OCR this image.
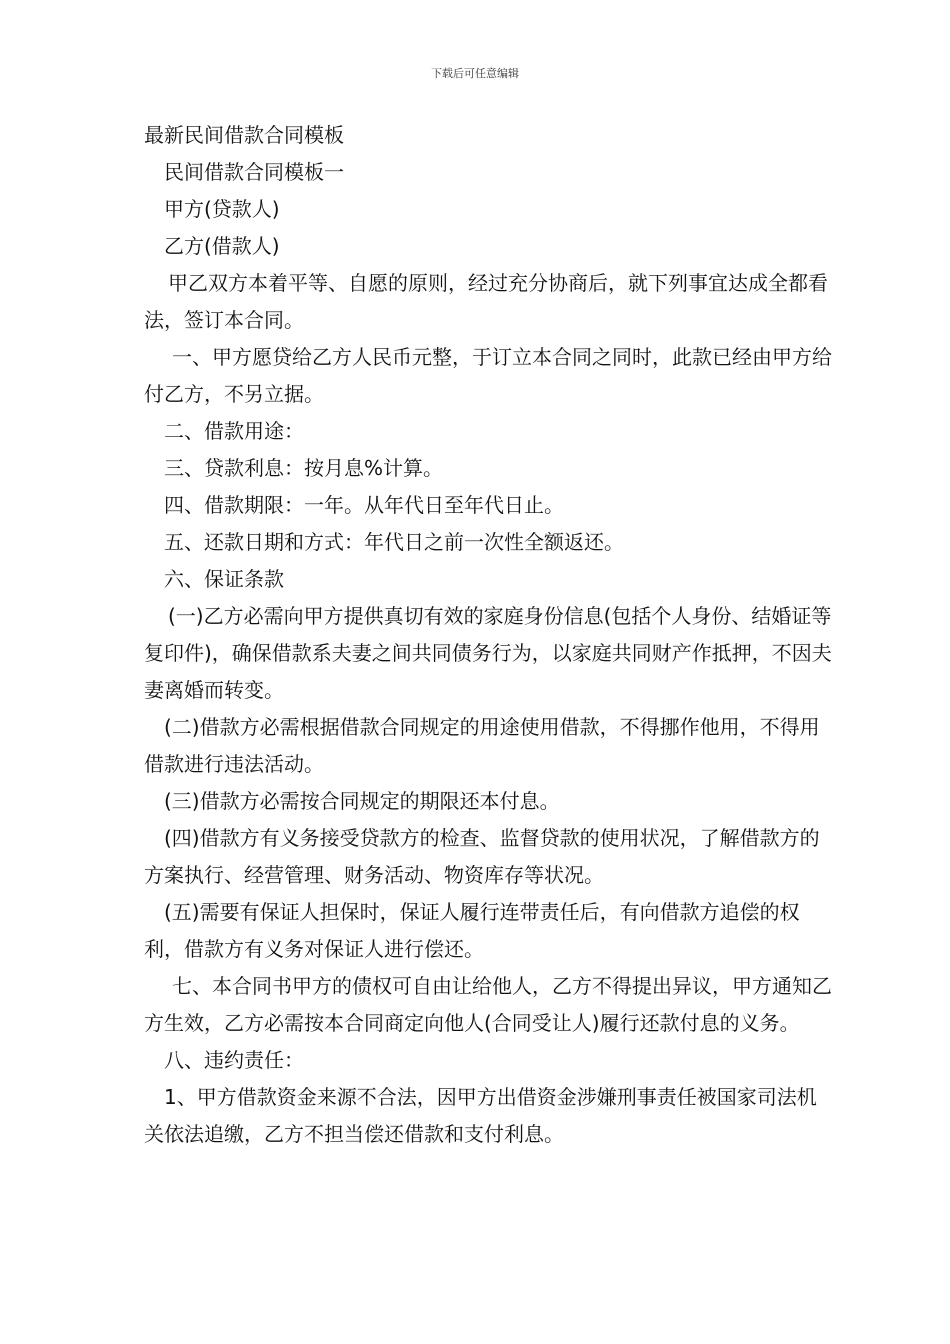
下载后可任意编辑

最新民间借款合同模板

民间借款合同模板一

甲方(贷款人)

乙方(借款人)

甲乙双方本着平等、自愿的原则，经过充分协商后，就下列事宜达成全都看法，签订本合同。

一、甲方愿贷给乙方人民币元整，于订立本合同之同时，此款已经由甲方给付乙方，不另立据。

二、借款用途：

三、贷款利息：按月息%计算。

四、借款期限：一年。从年代日至年代日止。

五、还款日期和方式：年代日之前一次性全额返还。

六、保证条款

(一)乙方必需向甲方提供真切有效的家庭身份信息(包括个人身份、结婚证等复印件)，确保借款系夫妻之间共同债务行为，以家庭共同财产作抵押，不因夫妻离婚而转变。

(二)借款方必需根据借款合同规定的用途使用借款，不得挪作他用，不得用借款进行违法活动。

(三)借款方必需按合同规定的期限还本付息。

(四)借款方有义务接受贷款方的检查、监督贷款的使用状况，了解借款方的方案执行、经营管理、财务活动、物资库存等状况。

(五)需要有保证人担保时，保证人履行连带责任后，有向借款方追偿的权利，借款方有义务对保证人进行偿还。

七、本合同书甲方的债权可自由让给他人，乙方不得提出异议，甲方通知乙方生效，乙方必需按本合同商定向他人(合同受让人)履行还款付息的义务。

八、违约责任：

1、甲方借款资金来源不合法，因甲方出借资金涉嫌刑事责任被国家司法机关依法追缴，乙方不担当偿还借款和支付利息。
